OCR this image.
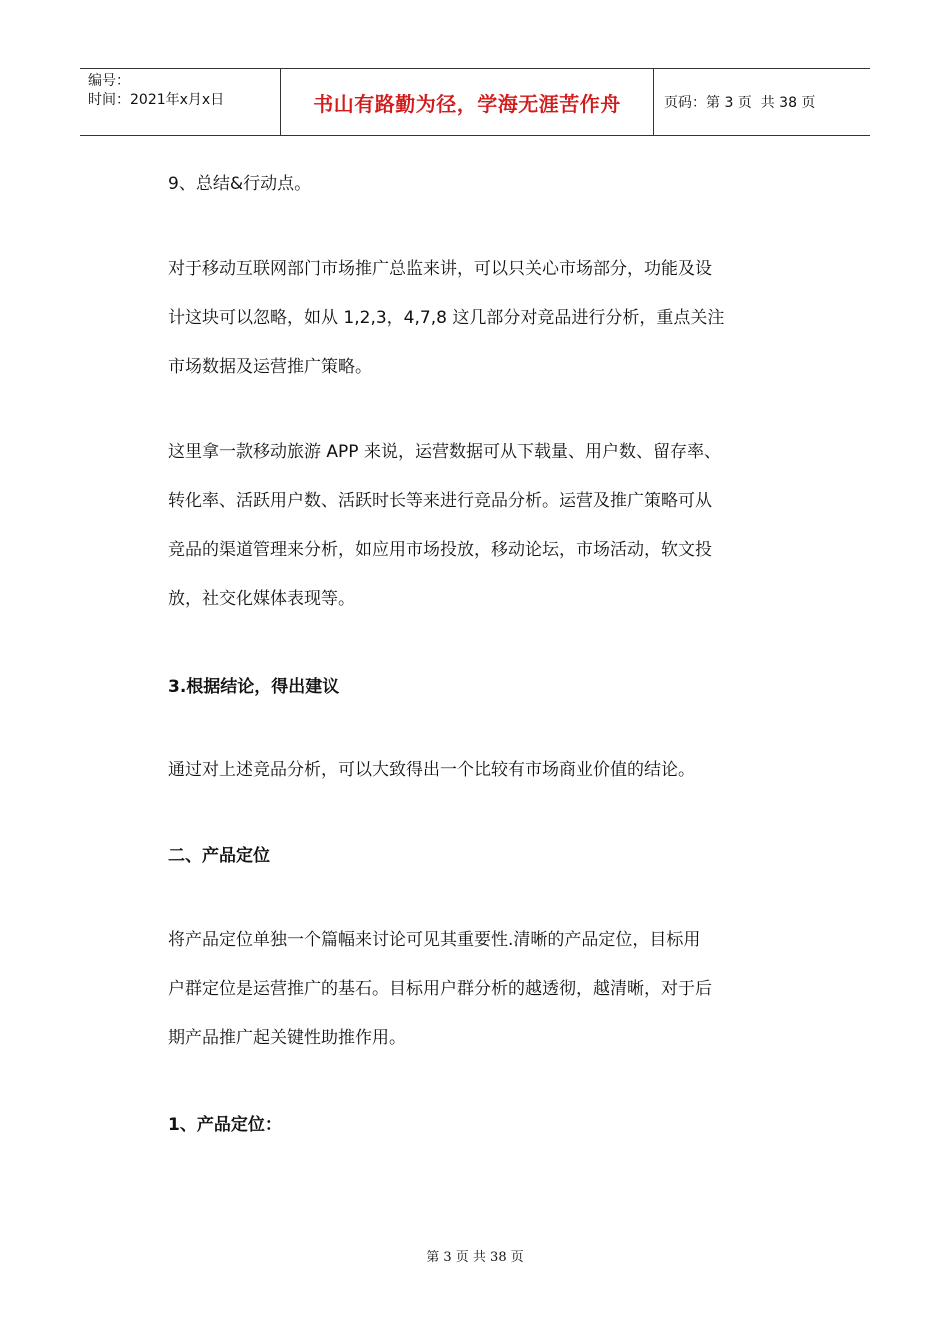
编号：
时间：2021年x月x日	书山有路勤为径，学海无涯苦作舟	页码：第 3 页  共 38 页

9、总结&行动点。

对于移动互联网部门市场推广总监来讲，可以只关心市场部分，功能及设
计这块可以忽略，如从 1,2,3，4,7,8 这几部分对竞品进行分析，重点关注
市场数据及运营推广策略。

这里拿一款移动旅游 APP 来说，运营数据可从下载量、用户数、留存率、
转化率、活跃用户数、活跃时长等来进行竞品分析。运营及推广策略可从
竞品的渠道管理来分析，如应用市场投放，移动论坛，市场活动，软文投
放，社交化媒体表现等。

3.根据结论，得出建议

通过对上述竞品分析，可以大致得出一个比较有市场商业价值的结论。

二、产品定位

将产品定位单独一个篇幅来讨论可见其重要性.清晰的产品定位，目标用
户群定位是运营推广的基石。目标用户群分析的越透彻，越清晰，对于后
期产品推广起关键性助推作用。

1、产品定位：

第 3 页 共 38 页
